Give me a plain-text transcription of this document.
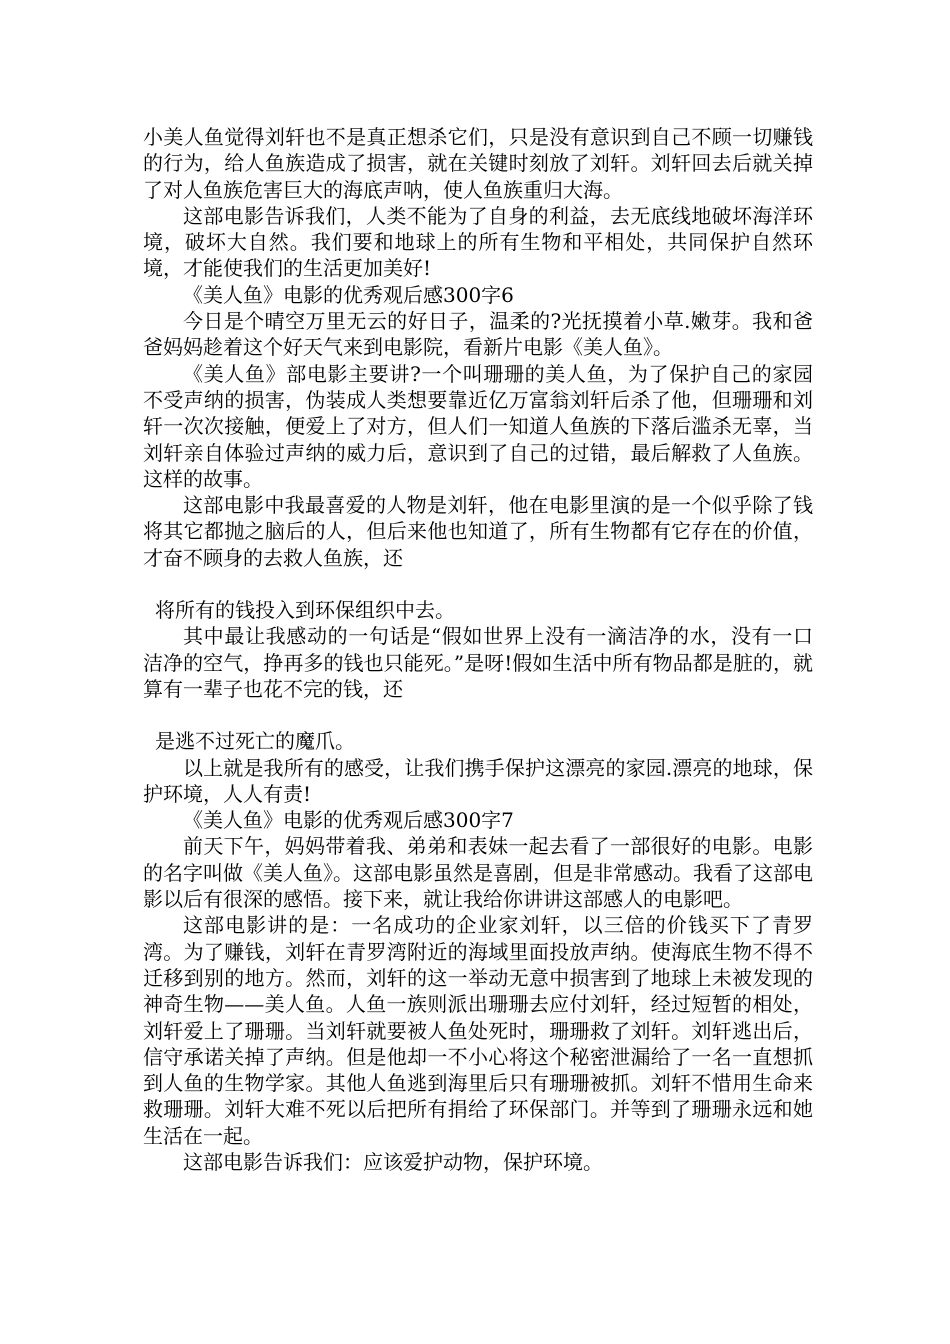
小美人鱼觉得刘轩也不是真正想杀它们，只是没有意识到自己不顾一切赚钱的行为，给人鱼族造成了损害，就在关键时刻放了刘轩。刘轩回去后就关掉了对人鱼族危害巨大的海底声呐，使人鱼族重归大海。

这部电影告诉我们，人类不能为了自身的利益，去无底线地破坏海洋环境，破坏大自然。我们要和地球上的所有生物和平相处，共同保护自然环境，才能使我们的生活更加美好!

《美人鱼》电影的优秀观后感300字6

今日是个晴空万里无云的好日子，温柔的?光抚摸着小草.嫩芽。我和爸爸妈妈趁着这个好天气来到电影院，看新片电影《美人鱼》。

《美人鱼》部电影主要讲?一个叫珊珊的美人鱼，为了保护自己的家园不受声纳的损害，伪装成人类想要靠近亿万富翁刘轩后杀了他，但珊珊和刘轩一次次接触，便爱上了对方，但人们一知道人鱼族的下落后滥杀无辜，当刘轩亲自体验过声纳的威力后，意识到了自己的过错，最后解救了人鱼族。这样的故事。

这部电影中我最喜爱的人物是刘轩，他在电影里演的是一个似乎除了钱将其它都抛之脑后的人，但后来他也知道了，所有生物都有它存在的价值，才奋不顾身的去救人鱼族，还

将所有的钱投入到环保组织中去。

其中最让我感动的一句话是“假如世界上没有一滴洁净的水，没有一口洁净的空气，挣再多的钱也只能死。”是呀!假如生活中所有物品都是脏的，就算有一辈子也花不完的钱，还

是逃不过死亡的魔爪。

以上就是我所有的感受，让我们携手保护这漂亮的家园.漂亮的地球，保护环境，人人有责!

《美人鱼》电影的优秀观后感300字7

前天下午，妈妈带着我、弟弟和表妹一起去看了一部很好的电影。电影的名字叫做《美人鱼》。这部电影虽然是喜剧，但是非常感动。我看了这部电影以后有很深的感悟。接下来，就让我给你讲讲这部感人的电影吧。

这部电影讲的是：一名成功的企业家刘轩，以三倍的价钱买下了青罗湾。为了赚钱，刘轩在青罗湾附近的海域里面投放声纳。使海底生物不得不迁移到别的地方。然而，刘轩的这一举动无意中损害到了地球上未被发现的神奇生物——美人鱼。人鱼一族则派出珊珊去应付刘轩，经过短暂的相处，刘轩爱上了珊珊。当刘轩就要被人鱼处死时，珊珊救了刘轩。刘轩逃出后，信守承诺关掉了声纳。但是他却一不小心将这个秘密泄漏给了一名一直想抓到人鱼的生物学家。其他人鱼逃到海里后只有珊珊被抓。刘轩不惜用生命来救珊珊。刘轩大难不死以后把所有捐给了环保部门。并等到了珊珊永远和她生活在一起。

这部电影告诉我们：应该爱护动物，保护环境。
